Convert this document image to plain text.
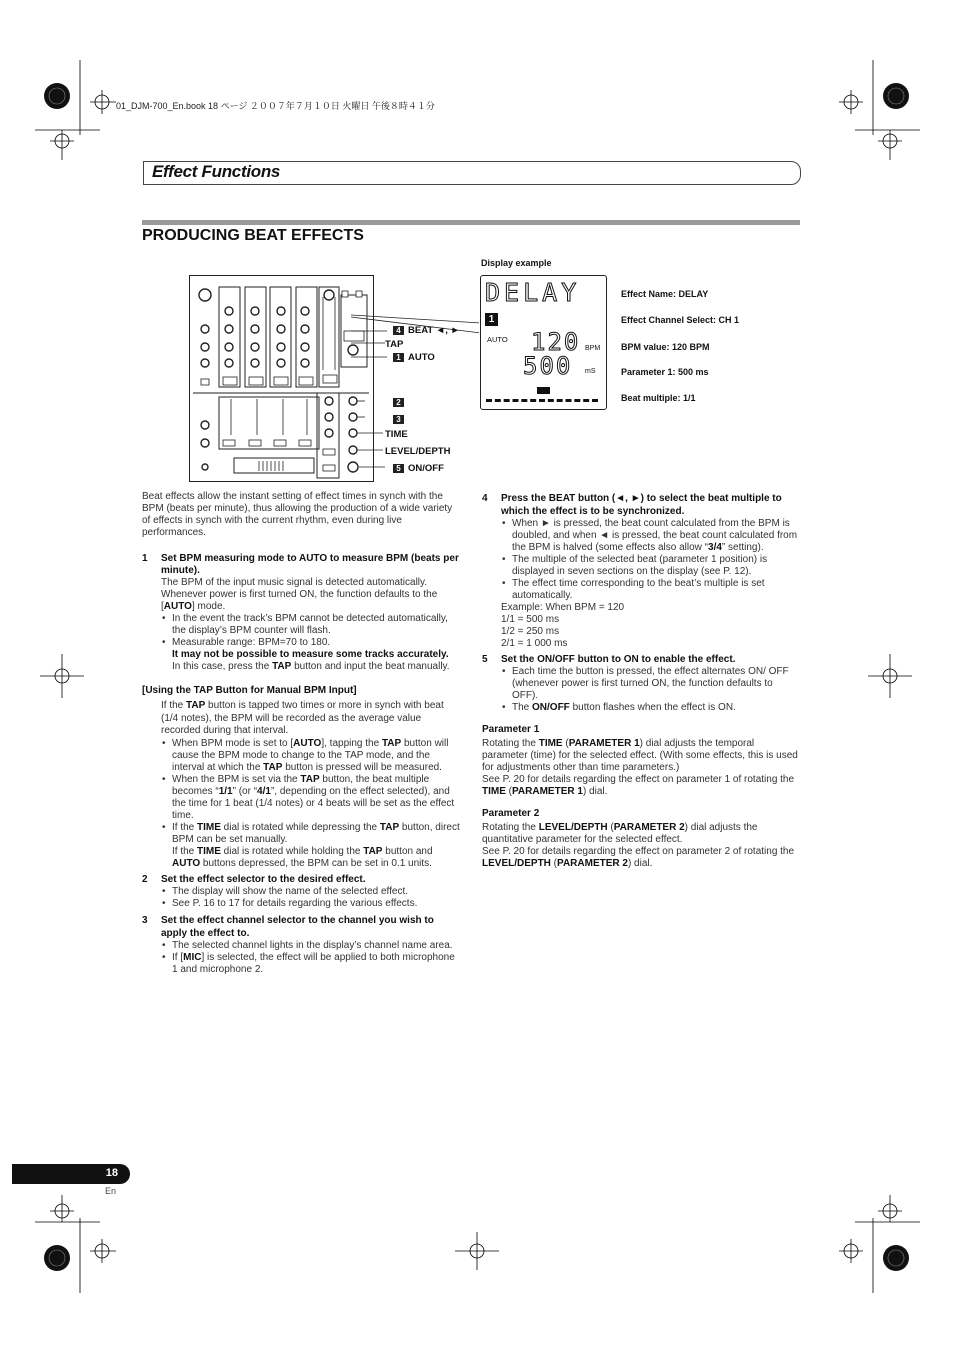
01_DJM-700_En.book 18 ページ ２００７年７月１０日 火曜日 午後８時４１分
Effect Functions
PRODUCING BEAT EFFECTS
4 BEAT ◄, ►
TAP
1 AUTO
2
3
TIME
LEVEL/DEPTH
5 ON/OFF
Display example
DELAY
1
AUTO 120 BPM
500 mS
Effect Name: DELAY
Effect Channel Select: CH 1
BPM value: 120 BPM
Parameter 1: 500 ms
Beat multiple: 1/1

Beat effects allow the instant setting of effect times in synch with the BPM (beats per minute), thus allowing the production of a wide variety of effects in synch with the current rhythm, even during live performances.

1 Set BPM measuring mode to AUTO to measure BPM (beats per minute).

The BPM of the input music signal is detected automatically. Whenever power is first turned ON, the function defaults to the [AUTO] mode.

• In the event the track’s BPM cannot be detected automatically, the display’s BPM counter will flash.
• Measurable range: BPM=70 to 180.
It may not be possible to measure some tracks accurately.
In this case, press the TAP button and input the beat manually.

[Using the TAP Button for Manual BPM Input]

If the TAP button is tapped two times or more in synch with beat (1/4 notes), the BPM will be recorded as the average value recorded during that interval.

• When BPM mode is set to [AUTO], tapping the TAP button will cause the BPM mode to change to the TAP mode, and the interval at which the TAP button is pressed will be measured.
• When the BPM is set via the TAP button, the beat multiple becomes “1/1” (or “4/1”, depending on the effect selected), and the time for 1 beat (1/4 notes) or 4 beats will be set as the effect time.
• If the TIME dial is rotated while depressing the TAP button, direct BPM can be set manually.
If the TIME dial is rotated while holding the TAP button and AUTO buttons depressed, the BPM can be set in 0.1 units.
2 Set the effect selector to the desired effect.
• The display will show the name of the selected effect.
• See P. 16 to 17 for details regarding the various effects.
3 Set the effect channel selector to the channel you wish to apply the effect to.
• The selected channel lights in the display’s channel name area.
• If [MIC] is selected, the effect will be applied to both microphone 1 and microphone 2.
4 Press the BEAT button (◄, ►) to select the beat multiple to which the effect is to be synchronized.
• When ► is pressed, the beat count calculated from the BPM is doubled, and when ◄ is pressed, the beat count calculated from the BPM is halved (some effects also allow “3/4” setting).
• The multiple of the selected beat (parameter 1 position) is displayed in seven sections on the display (see P. 12).
• The effect time corresponding to the beat’s multiple is set automatically.

Example: When BPM = 120

1/1 = 500 ms

1/2 = 250 ms

2/1 = 1 000 ms

5 Set the ON/OFF button to ON to enable the effect.
• Each time the button is pressed, the effect alternates ON/ OFF (whenever power is first turned ON, the function defaults to OFF).
• The ON/OFF button flashes when the effect is ON.

Parameter 1

Rotating the TIME (PARAMETER 1) dial adjusts the temporal parameter (time) for the selected effect. (With some effects, this is used for adjustments other than time parameters.)

See P. 20 for details regarding the effect on parameter 1 of rotating the TIME (PARAMETER 1) dial.

Parameter 2

Rotating the LEVEL/DEPTH (PARAMETER 2) dial adjusts the quantitative parameter for the selected effect.

See P. 20 for details regarding the effect on parameter 2 of rotating the LEVEL/DEPTH (PARAMETER 2) dial.

18
En
